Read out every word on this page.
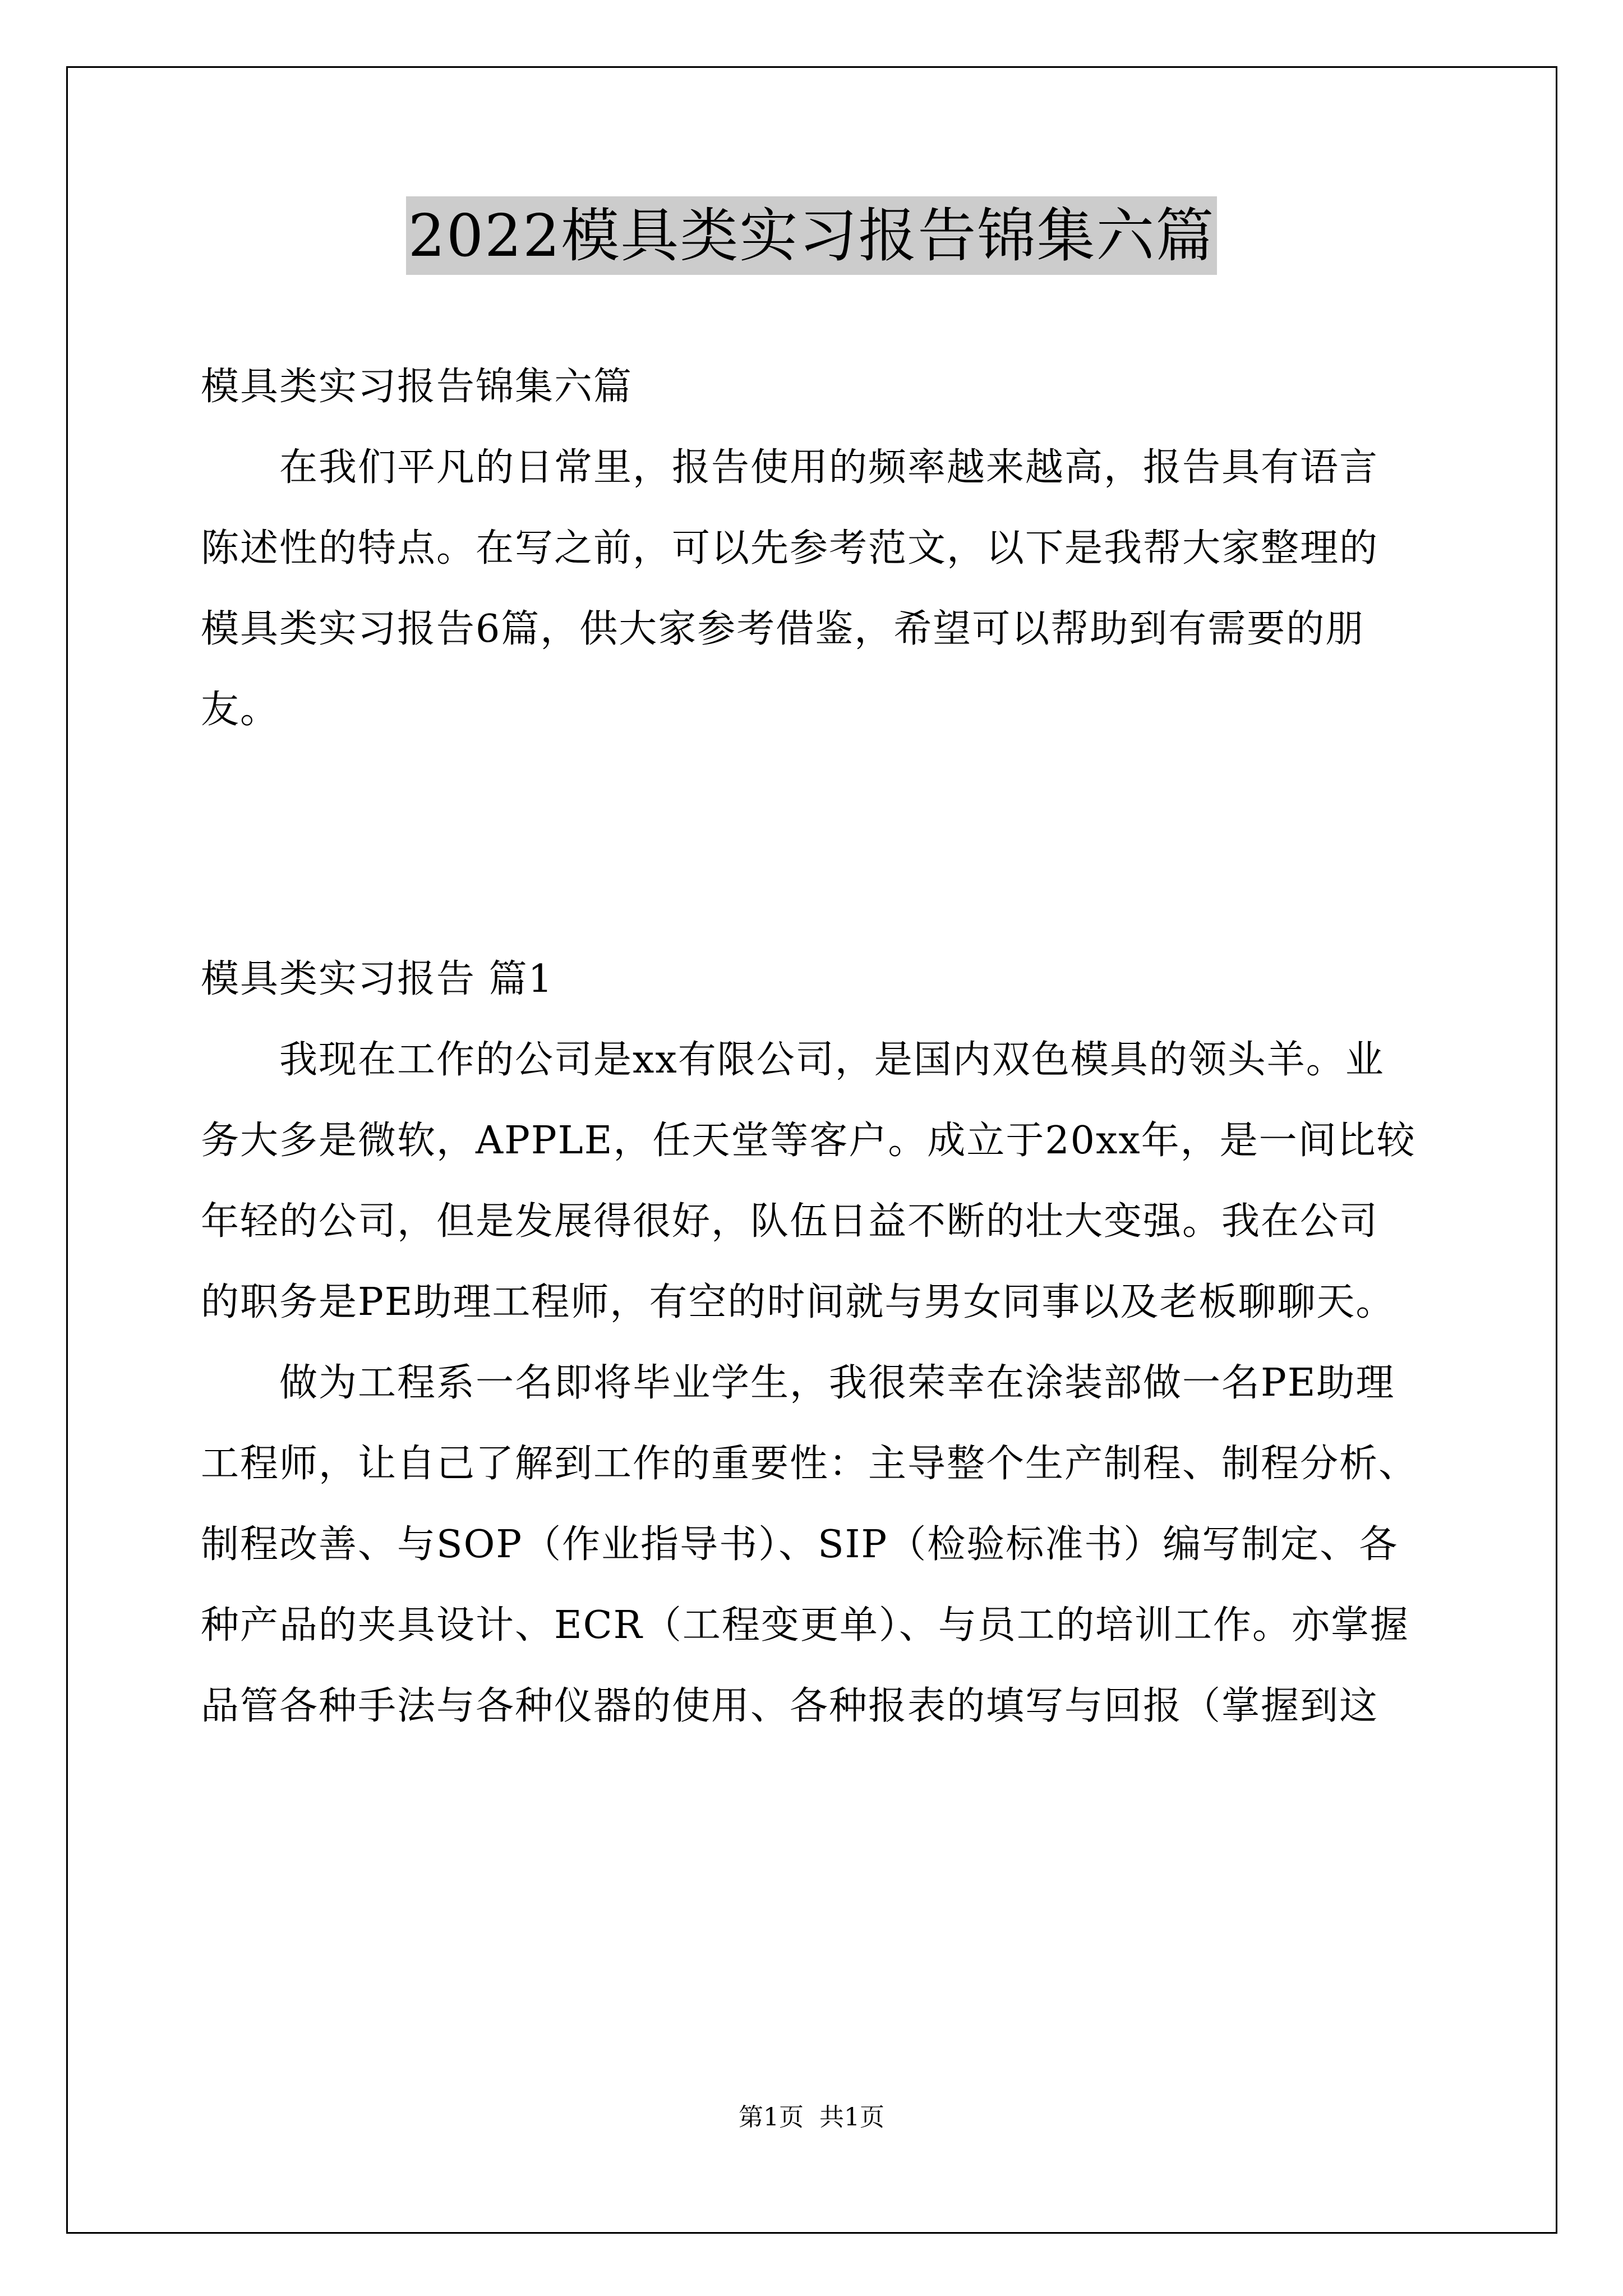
2022模具类实习报告锦集六篇
模具类实习报告锦集六篇
　　在我们平凡的日常里，报告使用的频率越来越高，报告具有语言
陈述性的特点。在写之前，可以先参考范文，以下是我帮大家整理的
模具类实习报告6篇，供大家参考借鉴，希望可以帮助到有需要的朋
友。
模具类实习报告 篇1
　　我现在工作的公司是xx有限公司，是国内双色模具的领头羊。业
务大多是微软，APPLE，任天堂等客户。成立于20xx年，是一间比较
年轻的公司，但是发展得很好，队伍日益不断的壮大变强。我在公司
的职务是PE助理工程师，有空的时间就与男女同事以及老板聊聊天。
　　做为工程系一名即将毕业学生，我很荣幸在涂装部做一名PE助理
工程师，让自己了解到工作的重要性：主导整个生产制程、制程分析、
制程改善、与SOP（作业指导书）、SIP（检验标准书）编写制定、各
种产品的夹具设计、ECR（工程变更单）、与员工的培训工作。亦掌握
品管各种手法与各种仪器的使用、各种报表的填写与回报（掌握到这
第1页 共1页
